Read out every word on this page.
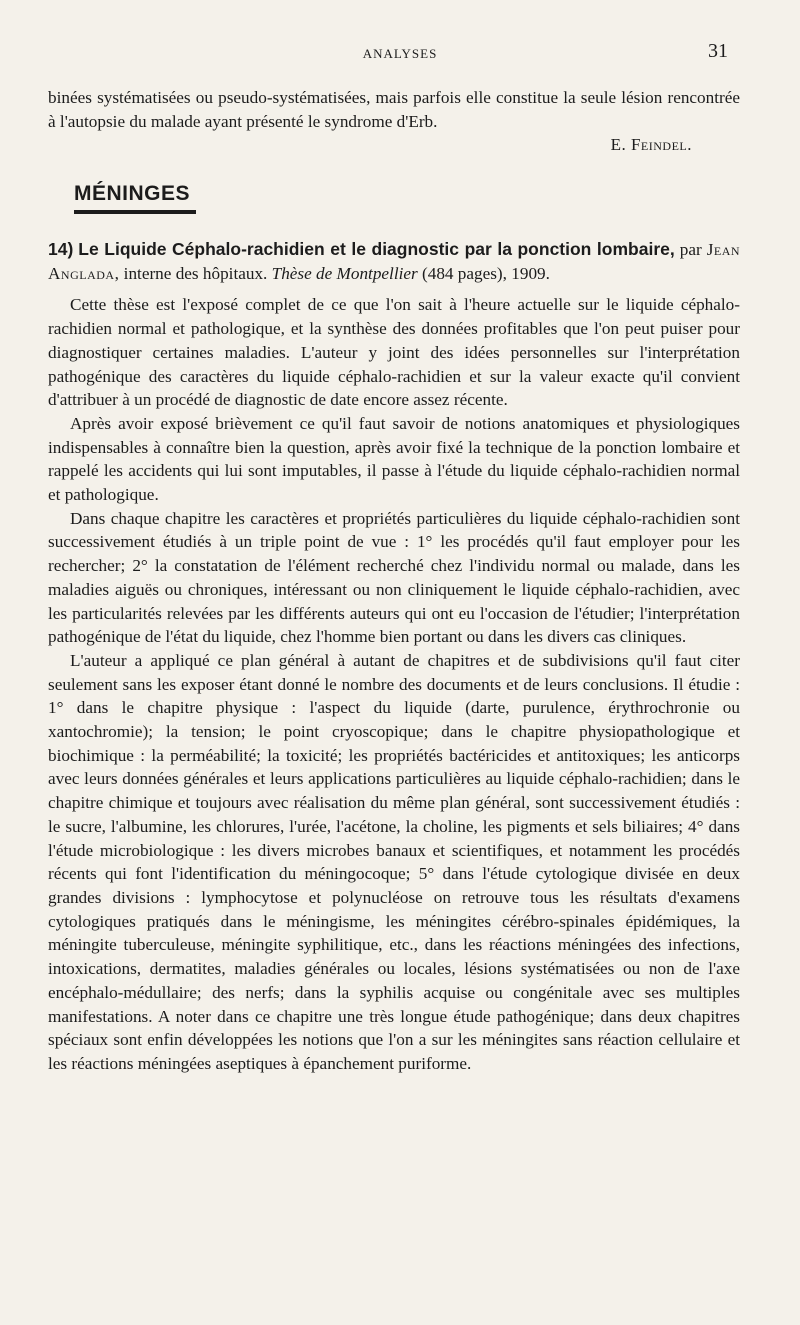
ANALYSES	31

binées systématisées ou pseudo-systématisées, mais parfois elle constitue la seule lésion rencontrée à l'autopsie du malade ayant présenté le syndrome d'Erb.

E. Feindel.
MÉNINGES

14) Le Liquide Céphalo-rachidien et le diagnostic par la ponction lombaire, par Jean Anglada, interne des hôpitaux. Thèse de Montpellier (484 pages), 1909.

Cette thèse est l'exposé complet de ce que l'on sait à l'heure actuelle sur le liquide céphalo-rachidien normal et pathologique, et la synthèse des données profitables que l'on peut puiser pour diagnostiquer certaines maladies. L'auteur y joint des idées personnelles sur l'interprétation pathogénique des caractères du liquide céphalo-rachidien et sur la valeur exacte qu'il convient d'attribuer à un procédé de diagnostic de date encore assez récente.

Après avoir exposé brièvement ce qu'il faut savoir de notions anatomiques et physiologiques indispensables à connaître bien la question, après avoir fixé la technique de la ponction lombaire et rappelé les accidents qui lui sont imputables, il passe à l'étude du liquide céphalo-rachidien normal et pathologique.

Dans chaque chapitre les caractères et propriétés particulières du liquide céphalo-rachidien sont successivement étudiés à un triple point de vue : 1° les procédés qu'il faut employer pour les rechercher; 2° la constatation de l'élément recherché chez l'individu normal ou malade, dans les maladies aiguës ou chroniques, intéressant ou non cliniquement le liquide céphalo-rachidien, avec les particularités relevées par les différents auteurs qui ont eu l'occasion de l'étudier; l'interprétation pathogénique de l'état du liquide, chez l'homme bien portant ou dans les divers cas cliniques.

L'auteur a appliqué ce plan général à autant de chapitres et de subdivisions qu'il faut citer seulement sans les exposer étant donné le nombre des documents et de leurs conclusions. Il étudie : 1° dans le chapitre physique : l'aspect du liquide (darte, purulence, érythrochronie ou xantochromie); la tension; le point cryoscopique; dans le chapitre physiopathologique et biochimique : la perméabilité; la toxicité; les propriétés bactéricides et antitoxiques; les anticorps avec leurs données générales et leurs applications particulières au liquide céphalo-rachidien; dans le chapitre chimique et toujours avec réalisation du même plan général, sont successivement étudiés : le sucre, l'albumine, les chlorures, l'urée, l'acétone, la choline, les pigments et sels biliaires; 4° dans l'étude microbiologique : les divers microbes banaux et scientifiques, et notamment les procédés récents qui font l'identification du méningocoque; 5° dans l'étude cytologique divisée en deux grandes divisions : lymphocytose et polynucléose on retrouve tous les résultats d'examens cytologiques pratiqués dans le méningisme, les méningites cérébro-spinales épidémiques, la méningite tuberculeuse, méningite syphilitique, etc., dans les réactions méningées des infections, intoxications, dermatites, maladies générales ou locales, lésions systématisées ou non de l'axe encéphalo-médullaire; des nerfs; dans la syphilis acquise ou congénitale avec ses multiples manifestations. A noter dans ce chapitre une très longue étude pathogénique; dans deux chapitres spéciaux sont enfin développées les notions que l'on a sur les méningites sans réaction cellulaire et les réactions méningées aseptiques à épanchement puriforme.
